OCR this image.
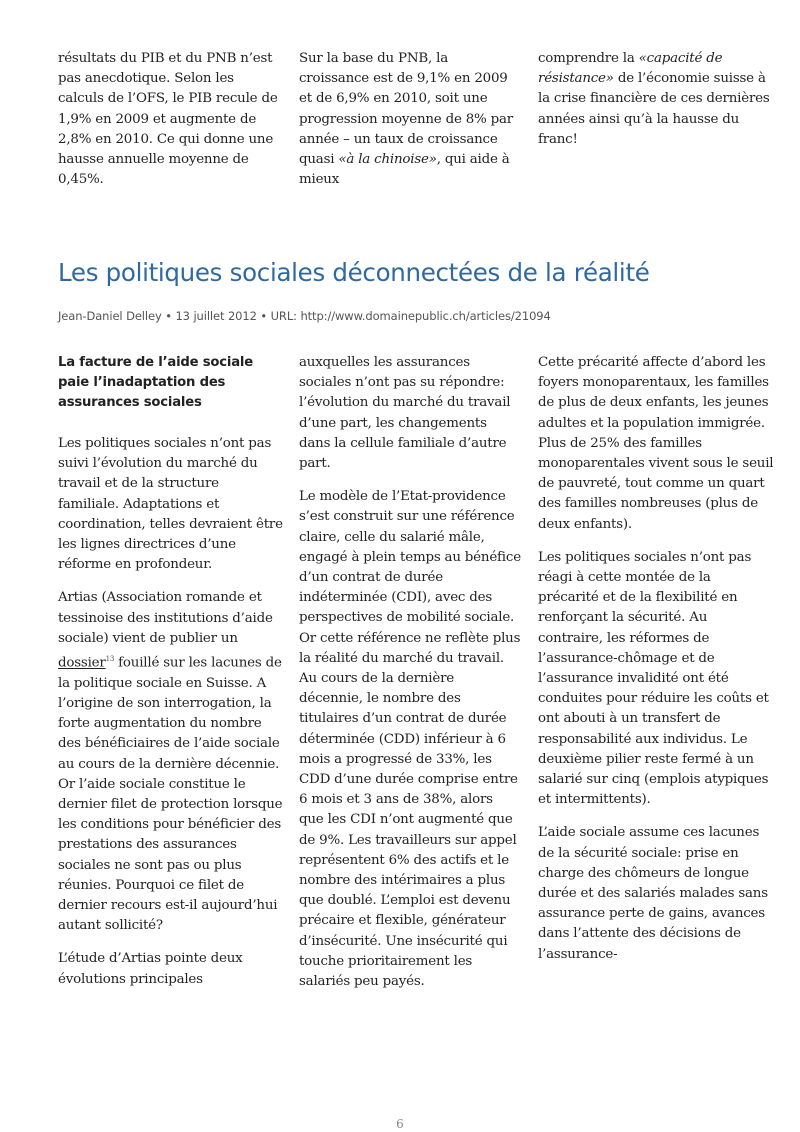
résultats du PIB et du PNB n’est pas anecdotique. Selon les calculs de l’OFS, le PIB recule de 1,9% en 2009 et augmente de 2,8% en 2010. Ce qui donne une hausse annuelle moyenne de 0,45%.

Sur la base du PNB, la croissance est de 9,1% en 2009 et de 6,9% en 2010, soit une progression moyenne de 8% par année – un taux de croissance quasi «à la chinoise», qui aide à mieux

comprendre la «capacité de résistance» de l’économie suisse à la crise financière de ces dernières années ainsi qu’à la hausse du franc!

Les politiques sociales déconnectées de la réalité
Jean-Daniel Delley • 13 juillet 2012 • URL: http://www.domainepublic.ch/articles/21094
La facture de l’aide sociale paie l’inadaptation des assurances sociales

Les politiques sociales n’ont pas suivi l’évolution du marché du travail et de la structure familiale. Adaptations et coordination, telles devraient être les lignes directrices d’une réforme en profondeur.

Artias (Association romande et tessinoise des institutions d’aide sociale) vient de publier un dossier$^{13}$ fouillé sur les lacunes de la politique sociale en Suisse. A l’origine de son interrogation, la forte augmentation du nombre des bénéficiaires de l’aide sociale au cours de la dernière décennie. Or l’aide sociale constitue le dernier filet de protection lorsque les conditions pour bénéficier des prestations des assurances sociales ne sont pas ou plus réunies. Pourquoi ce filet de dernier recours est-il aujourd’hui autant sollicité?

L’étude d’Artias pointe deux évolutions principales

auxquelles les assurances sociales n’ont pas su répondre: l’évolution du marché du travail d’une part, les changements dans la cellule familiale d’autre part.

Le modèle de l’Etat-providence s’est construit sur une référence claire, celle du salarié mâle, engagé à plein temps au bénéfice d’un contrat de durée indéterminée (CDI), avec des perspectives de mobilité sociale. Or cette référence ne reflète plus la réalité du marché du travail. Au cours de la dernière décennie, le nombre des titulaires d’un contrat de durée déterminée (CDD) inférieur à 6 mois a progressé de 33%, les CDD d’une durée comprise entre 6 mois et 3 ans de 38%, alors que les CDI n’ont augmenté que de 9%. Les travailleurs sur appel représentent 6% des actifs et le nombre des intérimaires a plus que doublé. L’emploi est devenu précaire et flexible, générateur d’insécurité. Une insécurité qui touche prioritairement les salariés peu payés.

Cette précarité affecte d’abord les foyers monoparentaux, les familles de plus de deux enfants, les jeunes adultes et la population immigrée. Plus de 25% des familles monoparentales vivent sous le seuil de pauvreté, tout comme un quart des familles nombreuses (plus de deux enfants).

Les politiques sociales n’ont pas réagi à cette montée de la précarité et de la flexibilité en renforçant la sécurité. Au contraire, les réformes de l’assurance-chômage et de l’assurance invalidité ont été conduites pour réduire les coûts et ont abouti à un transfert de responsabilité aux individus. Le deuxième pilier reste fermé à un salarié sur cinq (emplois atypiques et intermittents).

L’aide sociale assume ces lacunes de la sécurité sociale: prise en charge des chômeurs de longue durée et des salariés malades sans assurance perte de gains, avances dans l’attente des décisions de l’assurance-

6
